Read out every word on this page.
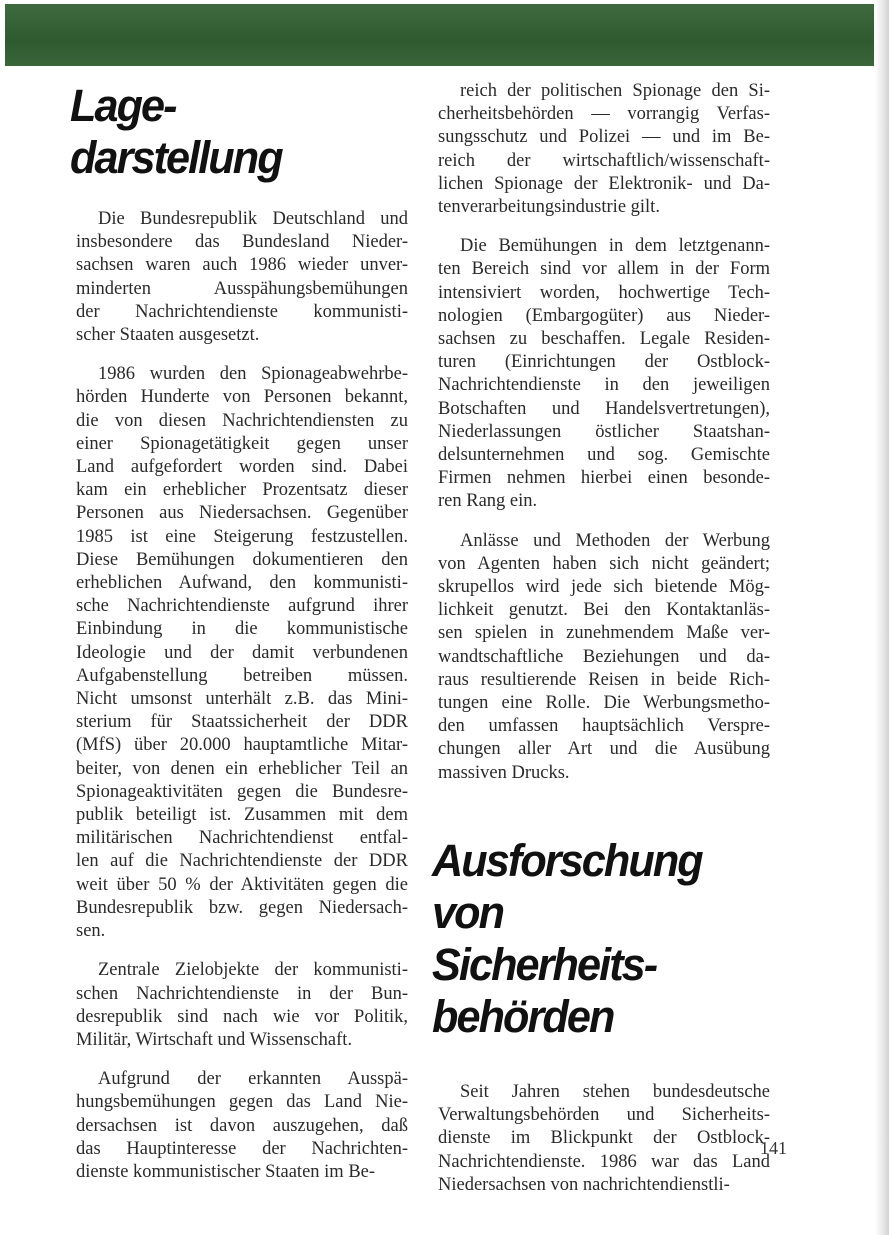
Lage-
darstellung
Die Bundesrepublik Deutschland und
insbesondere das Bundesland Nieder-
sachsen waren auch 1986 wieder unver-
minderten Ausspähungsbemühungen
der Nachrichtendienste kommunisti-
scher Staaten ausgesetzt.
1986 wurden den Spionageabwehrbe-
hörden Hunderte von Personen bekannt,
die von diesen Nachrichtendiensten zu
einer Spionagetätigkeit gegen unser
Land aufgefordert worden sind. Dabei
kam ein erheblicher Prozentsatz dieser
Personen aus Niedersachsen. Gegenüber
1985 ist eine Steigerung festzustellen.
Diese Bemühungen dokumentieren den
erheblichen Aufwand, den kommunisti-
sche Nachrichtendienste aufgrund ihrer
Einbindung in die kommunistische
Ideologie und der damit verbundenen
Aufgabenstellung betreiben müssen.
Nicht umsonst unterhält z.B. das Mini-
sterium für Staatssicherheit der DDR
(MfS) über 20.000 hauptamtliche Mitar-
beiter, von denen ein erheblicher Teil an
Spionageaktivitäten gegen die Bundesre-
publik beteiligt ist. Zusammen mit dem
militärischen Nachrichtendienst entfal-
len auf die Nachrichtendienste der DDR
weit über 50 % der Aktivitäten gegen die
Bundesrepublik bzw. gegen Niedersach-
sen.
Zentrale Zielobjekte der kommunisti-
schen Nachrichtendienste in der Bun-
desrepublik sind nach wie vor Politik,
Militär, Wirtschaft und Wissenschaft.
Aufgrund der erkannten Ausspä-
hungsbemühungen gegen das Land Nie-
dersachsen ist davon auszugehen, daß
das Hauptinteresse der Nachrichten-
dienste kommunistischer Staaten im Be-
reich der politischen Spionage den Si-
cherheitsbehörden — vorrangig Verfas-
sungsschutz und Polizei — und im Be-
reich der wirtschaftlich/wissenschaft-
lichen Spionage der Elektronik- und Da-
tenverarbeitungsindustrie gilt.
Die Bemühungen in dem letztgenann-
ten Bereich sind vor allem in der Form
intensiviert worden, hochwertige Tech-
nologien (Embargogüter) aus Nieder-
sachsen zu beschaffen. Legale Residen-
turen (Einrichtungen der Ostblock-
Nachrichtendienste in den jeweiligen
Botschaften und Handelsvertretungen),
Niederlassungen östlicher Staatshan-
delsunternehmen und sog. Gemischte
Firmen nehmen hierbei einen besonde-
ren Rang ein.
Anlässe und Methoden der Werbung
von Agenten haben sich nicht geändert;
skrupellos wird jede sich bietende Mög-
lichkeit genutzt. Bei den Kontaktanläs-
sen spielen in zunehmendem Maße ver-
wandtschaftliche Beziehungen und da-
raus resultierende Reisen in beide Rich-
tungen eine Rolle. Die Werbungsmetho-
den umfassen hauptsächlich Verspre-
chungen aller Art und die Ausübung
massiven Drucks.
Ausforschung
von
Sicherheits-
behörden
Seit Jahren stehen bundesdeutsche
Verwaltungsbehörden und Sicherheits-
dienste im Blickpunkt der Ostblock-
Nachrichtendienste. 1986 war das Land
Niedersachsen von nachrichtendienstli-
141
